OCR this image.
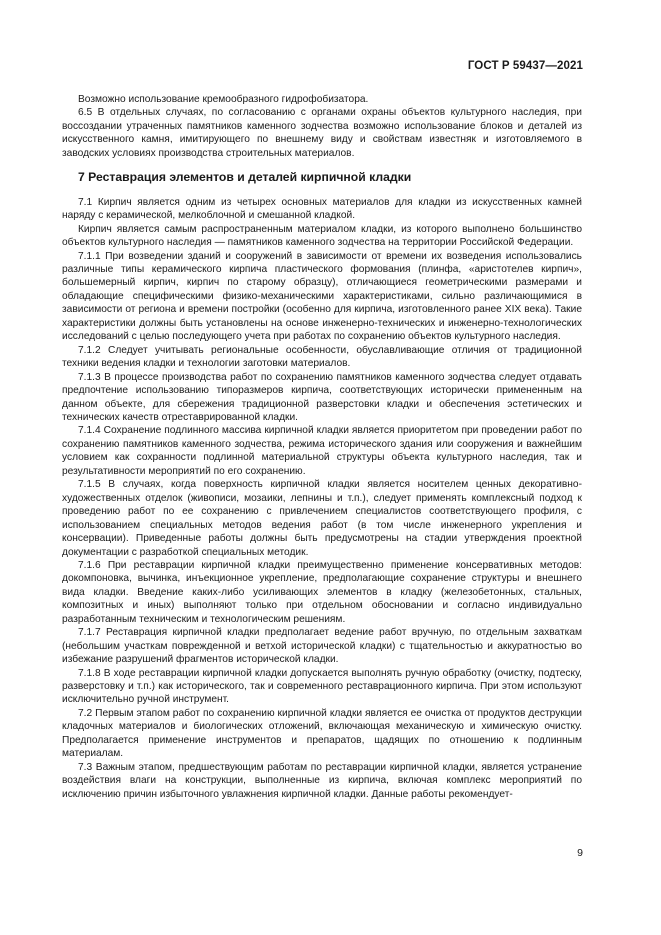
ГОСТ Р 59437—2021

Возможно использование кремообразного гидрофобизатора.

6.5 В отдельных случаях, по согласованию с органами охраны объектов культурного наследия, при воссоздании утраченных памятников каменного зодчества возможно использование блоков и деталей из искусственного камня, имитирующего по внешнему виду и свойствам известняк и изготовляемого в заводских условиях производства строительных материалов.

7 Реставрация элементов и деталей кирпичной кладки

7.1 Кирпич является одним из четырех основных материалов для кладки из искусственных камней наряду с керамической, мелкоблочной и смешанной кладкой.

Кирпич является самым распространенным материалом кладки, из которого выполнено большинство объектов культурного наследия — памятников каменного зодчества на территории Российской Федерации.

7.1.1 При возведении зданий и сооружений в зависимости от времени их возведения использовались различные типы керамического кирпича пластического формования (плинфа, «аристотелев кирпич», большемерный кирпич, кирпич по старому образцу), отличающиеся геометрическими размерами и обладающие специфическими физико-механическими характеристиками, сильно различающимися в зависимости от региона и времени постройки (особенно для кирпича, изготовленного ранее XIX века). Такие характеристики должны быть установлены на основе инженерно-технических и инженерно-технологических исследований с целью последующего учета при работах по сохранению объектов культурного наследия.

7.1.2 Следует учитывать региональные особенности, обуславливающие отличия от традиционной техники ведения кладки и технологии заготовки материалов.

7.1.3 В процессе производства работ по сохранению памятников каменного зодчества следует отдавать предпочтение использованию типоразмеров кирпича, соответствующих исторически примененным на данном объекте, для сбережения традиционной разверстовки кладки и обеспечения эстетических и технических качеств отреставрированной кладки.

7.1.4 Сохранение подлинного массива кирпичной кладки является приоритетом при проведении работ по сохранению памятников каменного зодчества, режима исторического здания или сооружения и важнейшим условием как сохранности подлинной материальной структуры объекта культурного наследия, так и результативности мероприятий по его сохранению.

7.1.5 В случаях, когда поверхность кирпичной кладки является носителем ценных декоративно-художественных отделок (живописи, мозаики, лепнины и т.п.), следует применять комплексный подход к проведению работ по ее сохранению с привлечением специалистов соответствующего профиля, с использованием специальных методов ведения работ (в том числе инженерного укрепления и консервации). Приведенные работы должны быть предусмотрены на стадии утверждения проектной документации с разработкой специальных методик.

7.1.6 При реставрации кирпичной кладки преимущественно применение консервативных методов: докомпоновка, вычинка, инъекционное укрепление, предполагающие сохранение структуры и внешнего вида кладки. Введение каких-либо усиливающих элементов в кладку (железобетонных, стальных, композитных и иных) выполняют только при отдельном обосновании и согласно индивидуально разработанным техническим и технологическим решениям.

7.1.7 Реставрация кирпичной кладки предполагает ведение работ вручную, по отдельным захваткам (небольшим участкам поврежденной и ветхой исторической кладки) с тщательностью и аккуратностью во избежание разрушений фрагментов исторической кладки.

7.1.8 В ходе реставрации кирпичной кладки допускается выполнять ручную обработку (очистку, подтеску, разверстовку и т.п.) как исторического, так и современного реставрационного кирпича. При этом используют исключительно ручной инструмент.

7.2 Первым этапом работ по сохранению кирпичной кладки является ее очистка от продуктов деструкции кладочных материалов и биологических отложений, включающая механическую и химическую очистку. Предполагается применение инструментов и препаратов, щадящих по отношению к подлинным материалам.

7.3 Важным этапом, предшествующим работам по реставрации кирпичной кладки, является устранение воздействия влаги на конструкции, выполненные из кирпича, включая комплекс мероприятий по исключению причин избыточного увлажнения кирпичной кладки. Данные работы рекомендует-

9
